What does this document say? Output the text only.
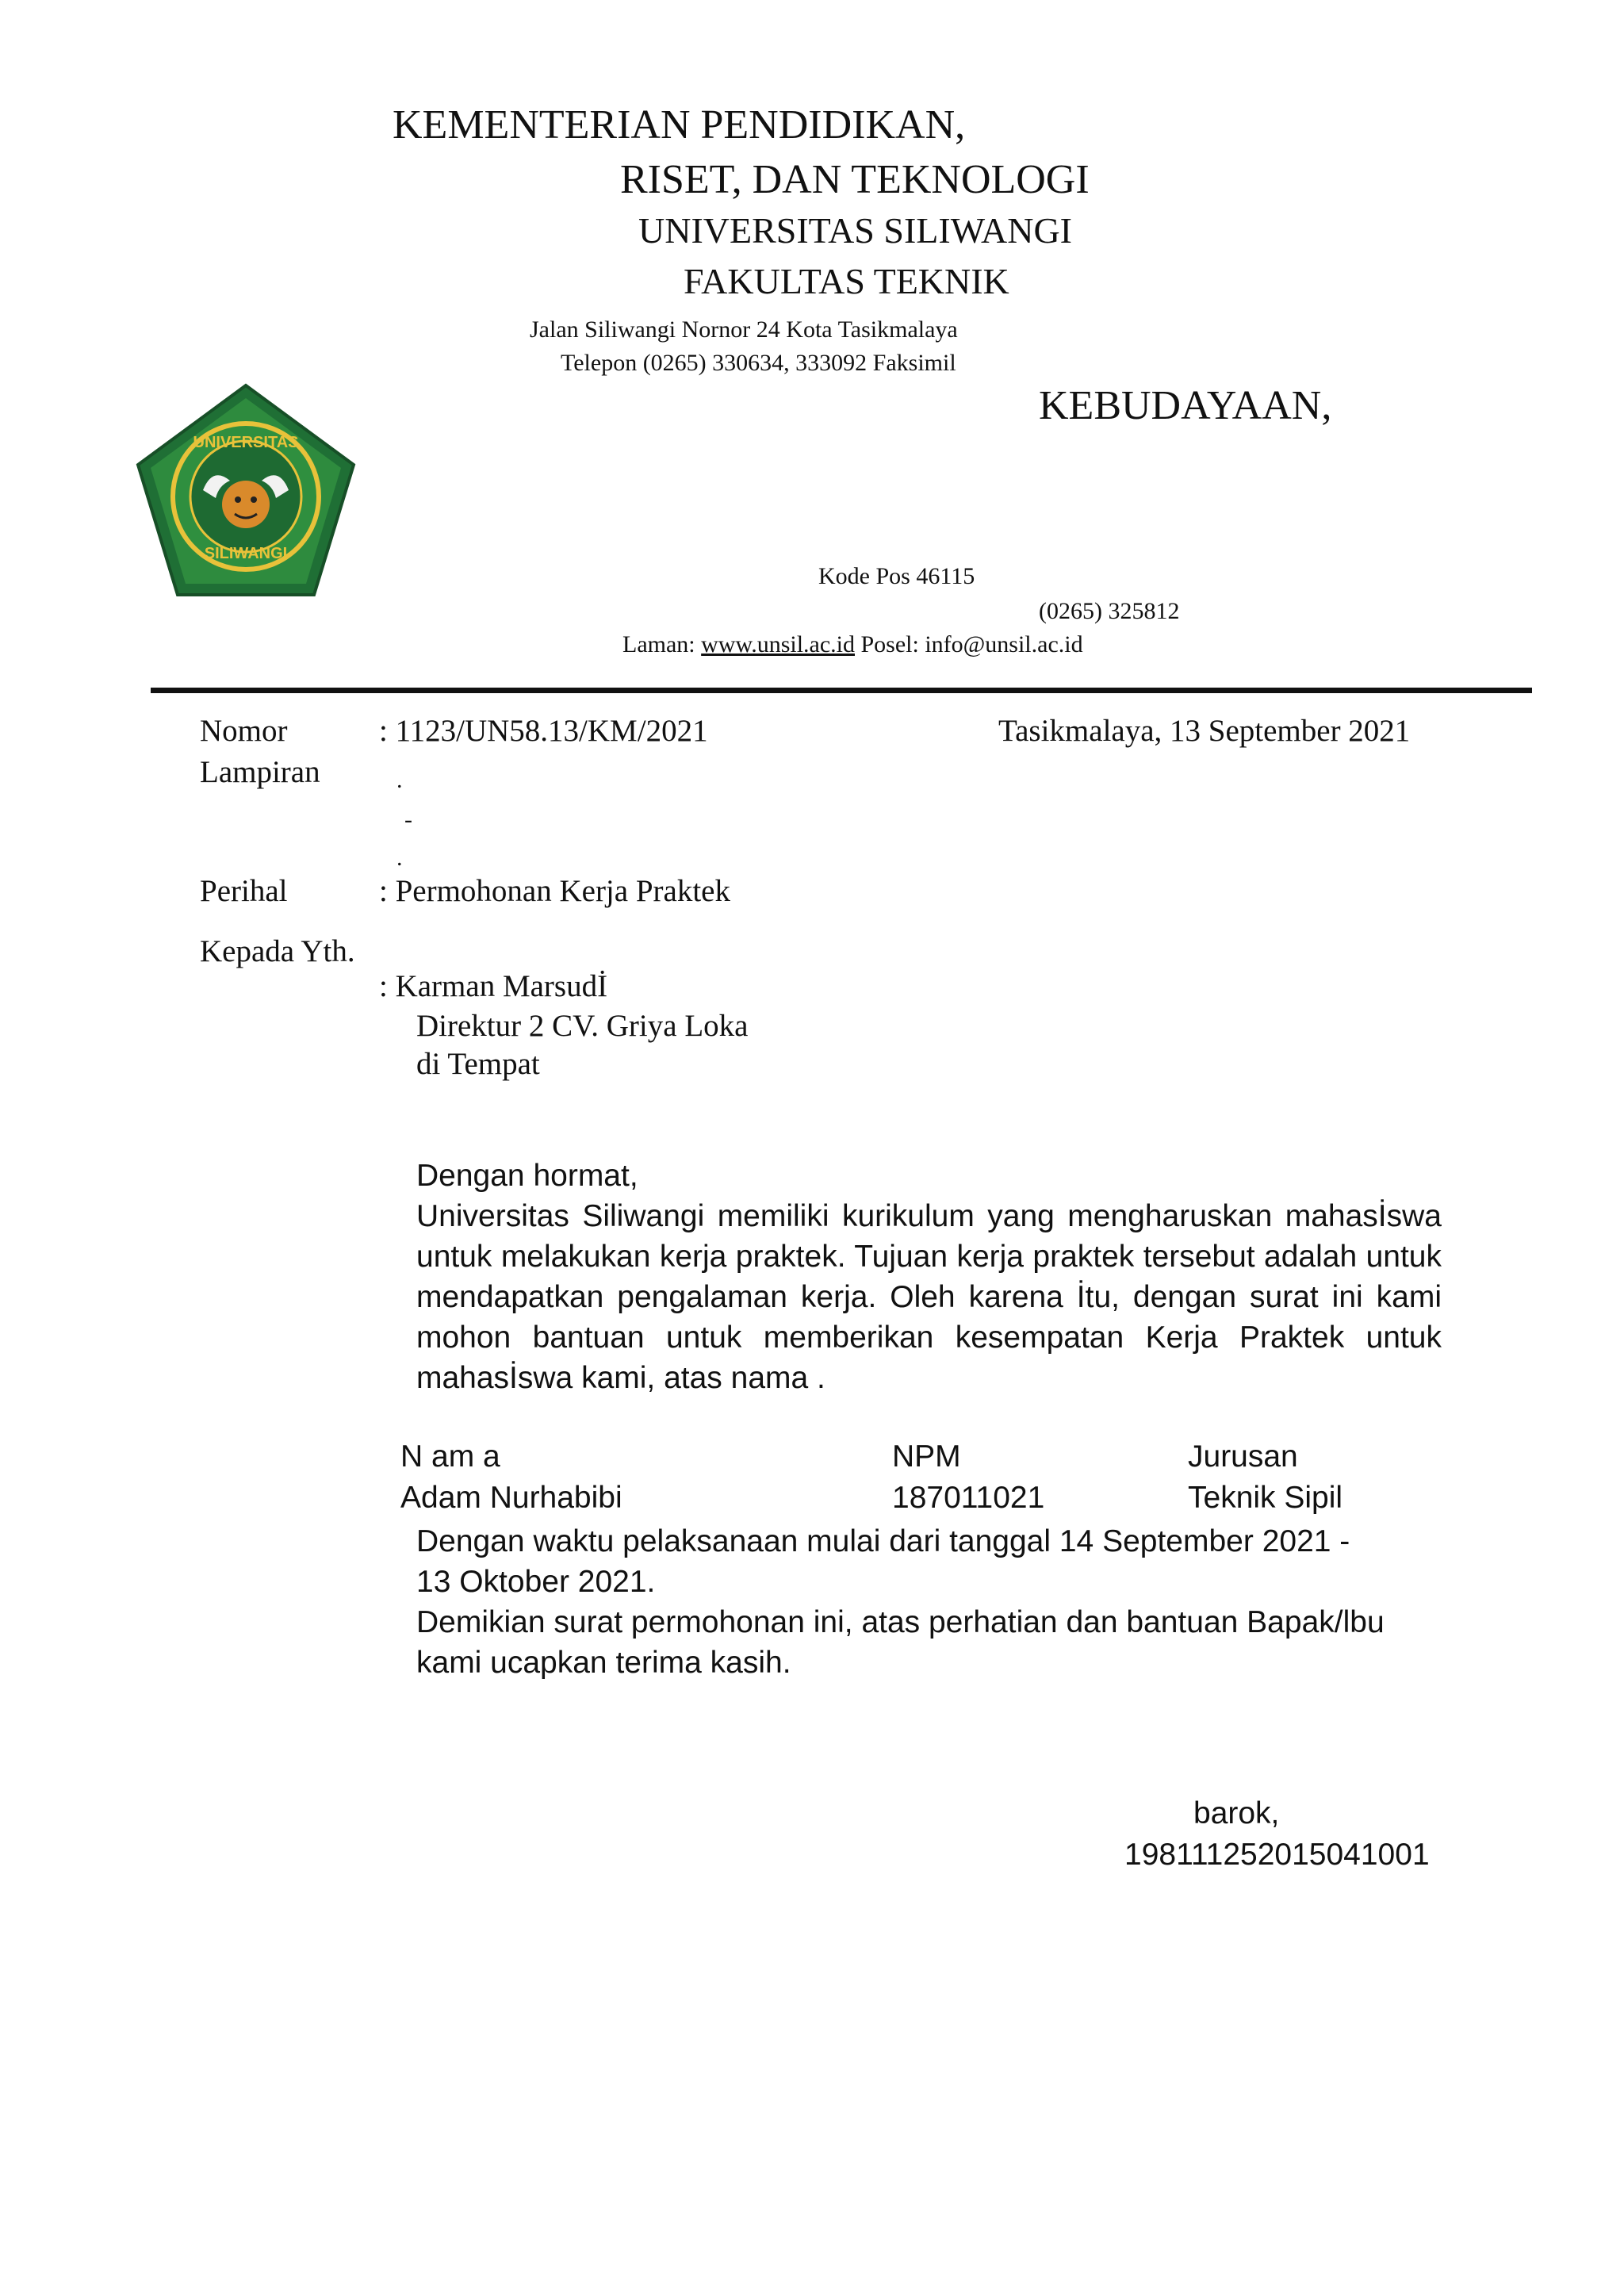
KEMENTERIAN PENDIDIKAN,
RISET, DAN TEKNOLOGI
UNIVERSITAS SILIWANGI
FAKULTAS TEKNIK
Jalan Siliwangi Nornor 24 Kota Tasikmalaya
Telepon (0265) 330634, 333092 Faksimil
KEBUDAYAAN,
Kode Pos 46115
(0265) 325812
Laman: www.unsil.ac.id Posel: info@unsil.ac.id
UNIVERSITAS
SILIWANGI
Nomor	: 1123/UN58.13/KM/2021	Tasikmalaya, 13 September 2021
Lampiran	.
-
.
Perihal	: Permohonan Kerja Praktek
Kepada Yth.
: Karman Marsudİ
Direktur 2 CV. Griya Loka
di Tempat
Dengan hormat,
Universitas Siliwangi memiliki kurikulum yang mengharuskan mahasİswa untuk melakukan kerja praktek. Tujuan kerja praktek tersebut adalah untuk mendapatkan pengalaman kerja. Oleh karena İtu, dengan surat ini kami mohon bantuan untuk memberikan kesempatan Kerja Praktek untuk mahasİswa kami, atas nama .
N am a	NPM	Jurusan
Adam Nurhabibi	187011021	Teknik Sipil
Dengan waktu pelaksanaan mulai dari tanggal 14 September 2021 - 13 Oktober 2021.
Demikian surat permohonan ini, atas perhatian dan bantuan Bapak/lbu kami ucapkan terima kasih.
barok,
198111252015041001
